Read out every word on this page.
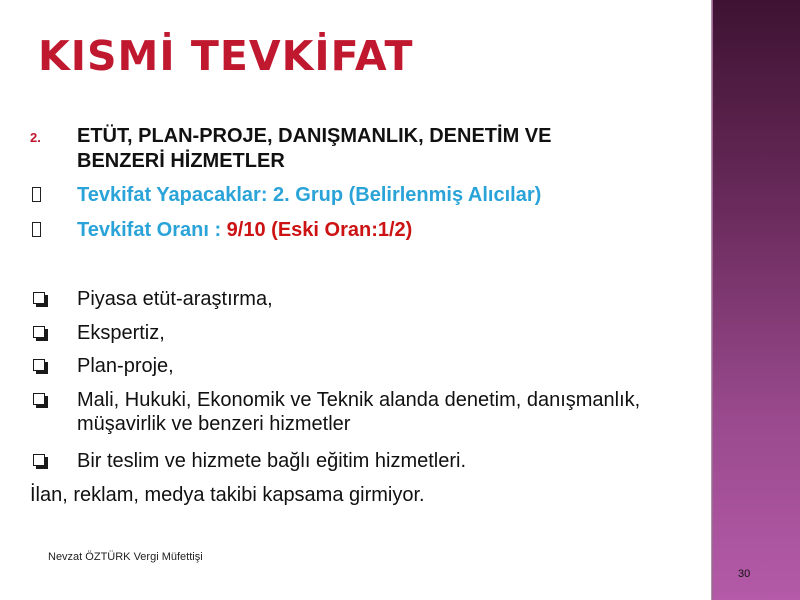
KISMİ TEVKİFAT
2.	ETÜT, PLAN-PROJE, DANIŞMANLIK, DENETİM VE
BENZERİ HİZMETLER
Tevkifat Yapacaklar: 2. Grup (Belirlenmiş Alıcılar)
Tevkifat Oranı : 9/10 (Eski Oran:1/2)
Piyasa etüt-araştırma,
Ekspertiz,
Plan-proje,
Mali, Hukuki, Ekonomik ve Teknik alanda denetim, danışmanlık,
müşavirlik ve benzeri hizmetler
Bir teslim ve hizmete bağlı eğitim hizmetleri.
İlan, reklam, medya takibi kapsama girmiyor.
Nevzat ÖZTÜRK Vergi Müfettişi
30
